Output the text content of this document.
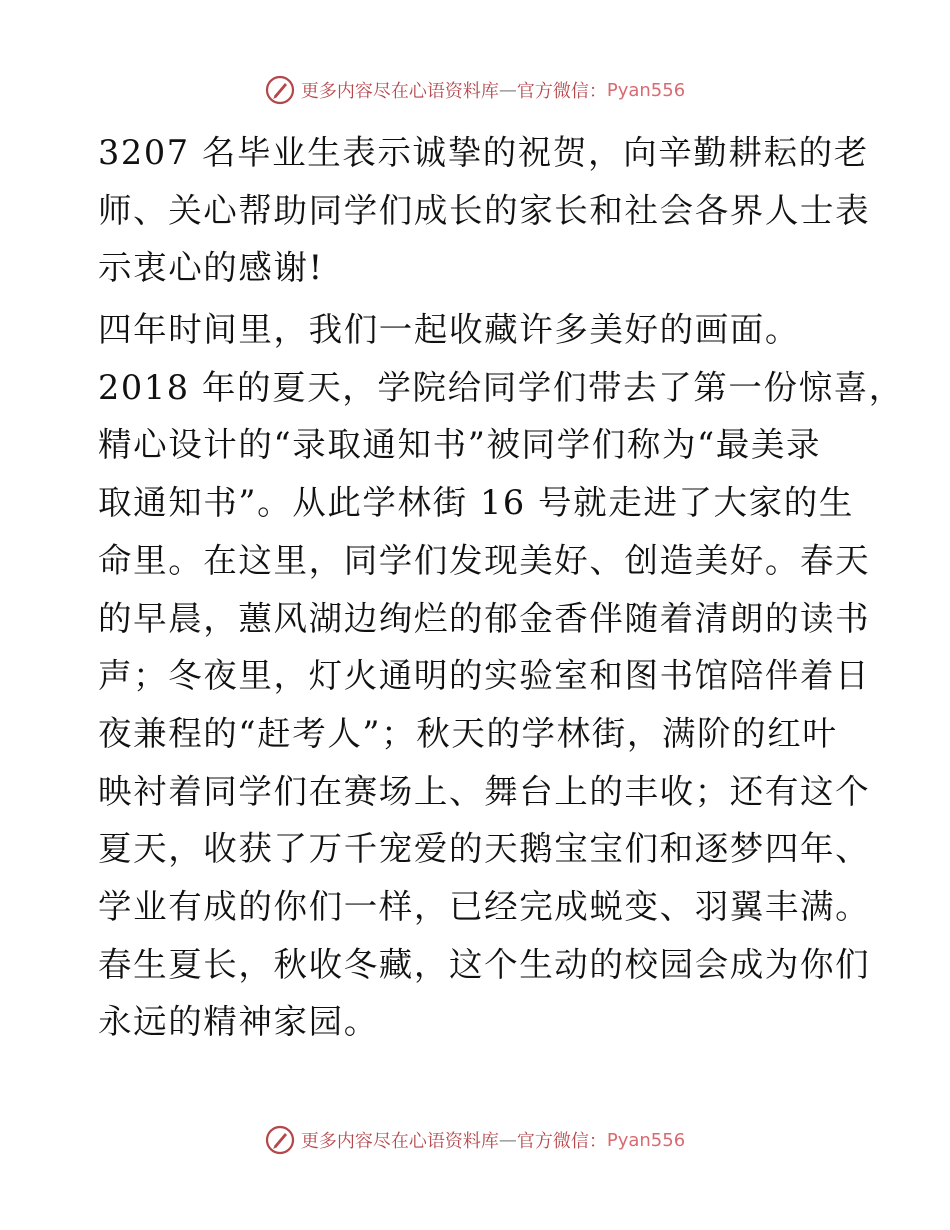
更多内容尽在心语资料库 — 官方微信： Pyan556
3207 名毕业生表示诚挚的祝贺，向辛勤耕耘的老
师、关心帮助同学们成长的家长和社会各界人士表
示衷心的感谢!
四年时间里，我们一起收藏许多美好的画面。
2018 年的夏天，学院给同学们带去了第一份惊喜，
精心设计的“录取通知书”被同学们称为“最美录
取通知书”。从此学林街 16 号就走进了大家的生
命里。在这里，同学们发现美好、创造美好。春天
的早晨，蕙风湖边绚烂的郁金香伴随着清朗的读书
声；冬夜里，灯火通明的实验室和图书馆陪伴着日
夜兼程的“赶考人”；秋天的学林街，满阶的红叶
映衬着同学们在赛场上、舞台上的丰收；还有这个
夏天，收获了万千宠爱的天鹅宝宝们和逐梦四年、
学业有成的你们一样，已经完成蜕变、羽翼丰满。
春生夏长，秋收冬藏，这个生动的校园会成为你们
永远的精神家园。
更多内容尽在心语资料库 — 官方微信： Pyan556
